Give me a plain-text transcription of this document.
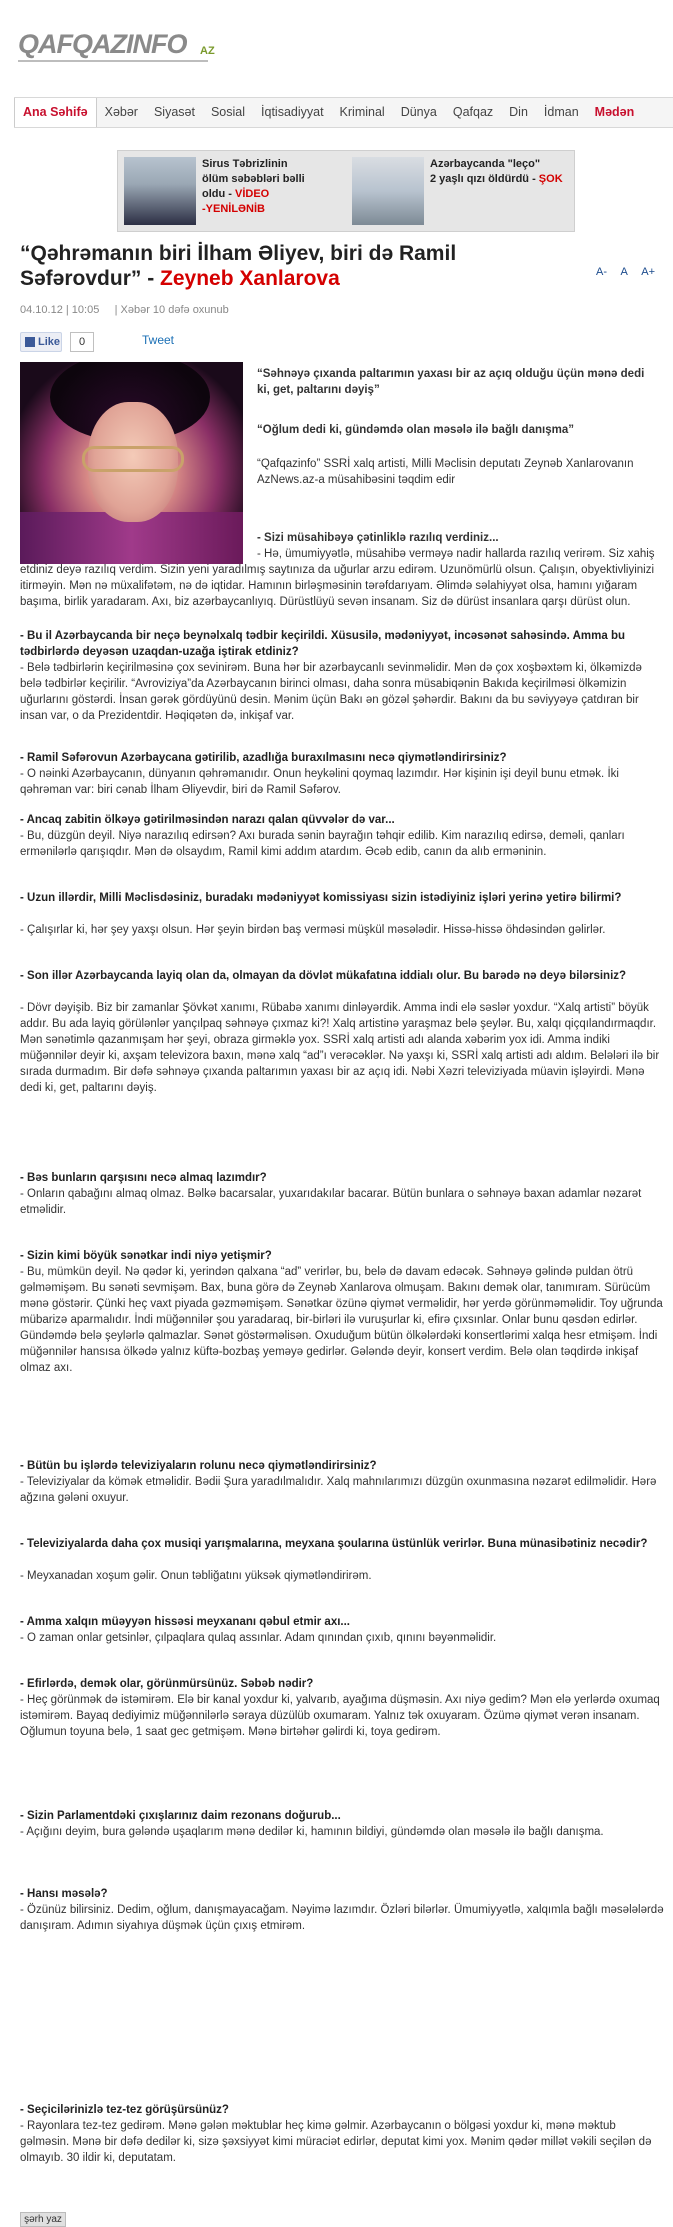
QAFQAZINFO AZ
Ana Səhifə	Xəbər	Siyasət	Sosial	İqtisadiyyat	Kriminal	Dünya	Qafqaz	Din	İdman	Mədən
Sirus Təbrizlinin
ölüm səbəbləri bəlli
oldu - VİDEO
-YENİLƏNİB
Azərbaycanda "leço"
2 yaşlı qızı öldürdü - ŞOK
“Qəhrəmanın biri İlham Əliyev, biri də Ramil Səfərovdur” - Zeyneb Xanlarova	A- A A+
04.10.12 | 10:05 | Xəbər 10 dəfə oxunub
Like	0	Tweet
“Səhnəyə çıxanda paltarımın yaxası bir az açıq olduğu üçün mənə dedi ki, get, paltarını dəyiş”
“Oğlum dedi ki, gündəmdə olan məsələ ilə bağlı danışma”
“Qafqazinfo” SSRİ xalq artisti, Milli Məclisin deputatı Zeynəb Xanlarovanın AzNews.az-a müsahibəsini təqdim edir
- Sizi müsahibəyə çətinliklə razılıq verdiniz...
- Hə, ümumiyyətlə, müsahibə verməyə nadir hallarda razılıq verirəm. Siz xahiş etdiniz deyə razılıq verdim. Sizin yeni yaradılmış saytınıza da uğurlar arzu edirəm. Uzunömürlü olsun. Çalışın, obyektivliyinizi itirməyin. Mən nə müxalifətəm, nə də iqtidar. Hamının birləşməsinin tərəfdarıyam. Əlimdə səlahiyyət olsa, hamını yığaram başıma, birlik yaradaram. Axı, biz azərbaycanlıyıq. Dürüstlüyü sevən insanam. Siz də dürüst insanlara qarşı dürüst olun.
- Bu il Azərbaycanda bir neçə beynəlxalq tədbir keçirildi. Xüsusilə, mədəniyyət, incəsənət sahəsində. Amma bu tədbirlərdə deyəsən uzaqdan-uzağa iştirak etdiniz?
- Belə tədbirlərin keçirilməsinə çox sevinirəm. Buna hər bir azərbaycanlı sevinməlidir. Mən də çox xoşbəxtəm ki, ölkəmizdə belə tədbirlər keçirilir. “Avroviziya”da Azərbaycanın birinci olması, daha sonra müsabiqənin Bakıda keçirilməsi ölkəmizin uğurlarını göstərdi. İnsan gərək gördüyünü desin. Mənim üçün Bakı ən gözəl şəhərdir. Bakını da bu səviyyəyə çatdıran bir insan var, o da Prezidentdir. Həqiqətən də, inkişaf var.
- Ramil Səfərovun Azərbaycana gətirilib, azadlığa buraxılmasını necə qiymətləndirirsiniz?
- O nəinki Azərbaycanın, dünyanın qəhrəmanıdır. Onun heykəlini qoymaq lazımdır. Hər kişinin işi deyil bunu etmək. İki qəhrəman var: biri cənab İlham Əliyevdir, biri də Ramil Səfərov.
- Ancaq zabitin ölkəyə gətirilməsindən narazı qalan qüvvələr də var...
- Bu, düzgün deyil. Niyə narazılıq edirsən? Axı burada sənin bayrağın təhqir edilib. Kim narazılıq edirsə, deməli, qanları ermənilərlə qarışıqdır. Mən də olsaydım, Ramil kimi addım atardım. Əcəb edib, canın da alıb erməninin.
- Uzun illərdir, Milli Məclisdəsiniz, buradakı mədəniyyət komissiyası sizin istədiyiniz işləri yerinə yetirə bilirmi?
- Çalışırlar ki, hər şey yaxşı olsun. Hər şeyin birdən baş verməsi müşkül məsələdir. Hissə-hissə öhdəsindən gəlirlər.
- Son illər Azərbaycanda layiq olan da, olmayan da dövlət mükafatına iddialı olur. Bu barədə nə deyə bilərsiniz?
- Dövr dəyişib. Biz bir zamanlar Şövkət xanımı, Rübabə xanımı dinləyərdik. Amma indi elə səslər yoxdur. “Xalq artisti” böyük addır. Bu ada layiq görülənlər yançılpaq səhnəyə çıxmaz ki?! Xalq artistinə yaraşmaz belə şeylər. Bu, xalqı qiçqılandırmaqdır. Mən sənətimlə qazanmışam hər şeyi, obraza girməklə yox. SSRİ xalq artisti adı alanda xəbərim yox idi. Amma indiki müğənnilər deyir ki, axşam televizora baxın, mənə xalq “ad”ı verəcəklər. Nə yaxşı ki, SSRİ xalq artisti adı aldım. Belələri ilə bir sırada durmadım. Bir dəfə səhnəyə çıxanda paltarımın yaxası bir az açıq idi. Nəbi Xəzri televiziyada müavin işləyirdi. Mənə dedi ki, get, paltarını dəyiş.
- Bəs bunların qarşısını necə almaq lazımdır?
- Onların qabağını almaq olmaz. Bəlkə bacarsalar, yuxarıdakılar bacarar. Bütün bunlara o səhnəyə baxan adamlar nəzarət etməlidir.
- Sizin kimi böyük sənətkar indi niyə yetişmir?
- Bu, mümkün deyil. Nə qədər ki, yerindən qalxana “ad” verirlər, bu, belə də davam edəcək. Səhnəyə gəlində puldan ötrü gəlməmişəm. Bu sənəti sevmişəm. Bax, buna görə də Zeynəb Xanlarova olmuşam. Bakını demək olar, tanımıram. Sürücüm mənə göstərir. Çünki heç vaxt piyada gəzməmişəm. Sənətkar özünə qiymət verməlidir, hər yerdə görünməməlidir. Toy uğrunda mübarizə aparmalıdır. İndi müğənnilər şou yaradaraq, bir-birləri ilə vuruşurlar ki, efirə çıxsınlar. Onlar bunu qəsdən edirlər. Gündəmdə belə şeylərlə qalmazlar. Sənət göstərməlisən. Oxuduğum bütün ölkələrdəki konsertlərimi xalqa hesr etmişəm. İndi müğənnilər hansısa ölkədə yalnız küftə-bozbaş yeməyə gedirlər. Gələndə deyir, konsert verdim. Belə olan təqdirdə inkişaf olmaz axı.
- Bütün bu işlərdə televiziyaların rolunu necə qiymətləndirirsiniz?
- Televiziyalar da kömək etməlidir. Bədii Şura yaradılmalıdır. Xalq mahnılarımızı düzgün oxunmasına nəzarət edilməlidir. Hərə ağzına gələni oxuyur.
- Televiziyalarda daha çox musiqi yarışmalarına, meyxana şoularına üstünlük verirlər. Buna münasibətiniz necədir?
- Meyxanadan xoşum gəlir. Onun təbliğatını yüksək qiymətləndirirəm.
- Amma xalqın müəyyən hissəsi meyxananı qəbul etmir axı...
- O zaman onlar getsinlər, çılpaqlara qulaq assınlar. Adam qınından çıxıb, qınını bəyənməlidir.
- Efirlərdə, demək olar, görünmürsünüz. Səbəb nədir?
- Heç görünmək də istəmirəm. Elə bir kanal yoxdur ki, yalvarıb, ayağıma düşməsin. Axı niyə gedim? Mən elə yerlərdə oxumaq istəmirəm. Bayaq dediyimiz müğənnilərlə səraya düzülüb oxumaram. Yalnız tək oxuyaram. Özümə qiymət verən insanam. Oğlumun toyuna belə, 1 saat gec getmişəm. Mənə birtəhər gəlirdi ki, toya gedirəm.
- Sizin Parlamentdəki çıxışlarınız daim rezonans doğurub...
- Açığını deyim, bura gələndə uşaqlarım mənə dedilər ki, hamının bildiyi, gündəmdə olan məsələ ilə bağlı danışma.
- Hansı məsələ?
- Özünüz bilirsiniz. Dedim, oğlum, danışmayacağam. Nəyimə lazımdır. Özləri bilərlər. Ümumiyyətlə, xalqımla bağlı məsələlərdə danışıram. Adımın siyahıya düşmək üçün çıxış etmirəm.
- Seçicilərinizlə tez-tez görüşürsünüz?
- Rayonlara tez-tez gedirəm. Mənə gələn məktublar heç kimə gəlmir. Azərbaycanın o bölgəsi yoxdur ki, mənə məktub gəlməsin. Mənə bir dəfə dedilər ki, sizə şəxsiyyət kimi müraciət edirlər, deputat kimi yox. Mənim qədər millət vəkili seçilən də olmayıb. 30 ildir ki, deputatam.
şərh yaz
